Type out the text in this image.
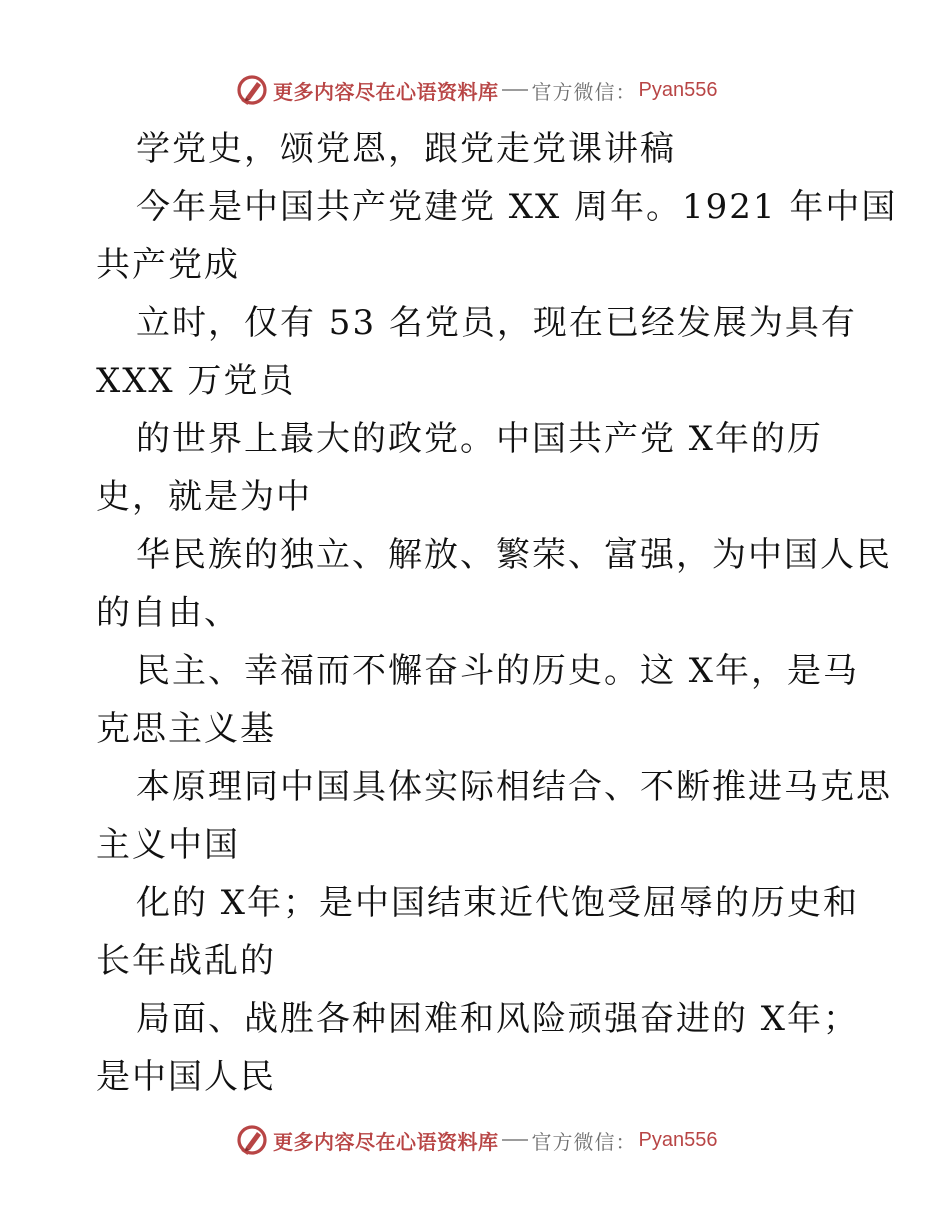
更多内容尽在心语资料库 官方微信： Pyan556
学党史，颂党恩，跟党走党课讲稿
今年是中国共产党建党 XX 周年。1921 年中国
共产党成
立时，仅有 53 名党员，现在已经发展为具有
XXX 万党员
的世界上最大的政党。中国共产党 X年的历
史，就是为中
华民族的独立、解放、繁荣、富强，为中国人民
的自由、
民主、幸福而不懈奋斗的历史。这 X年，是马
克思主义基
本原理同中国具体实际相结合、不断推进马克思
主义中国
化的 X年；是中国结束近代饱受屈辱的历史和
长年战乱的
局面、战胜各种困难和风险顽强奋进的 X年；
是中国人民
更多内容尽在心语资料库 官方微信： Pyan556
